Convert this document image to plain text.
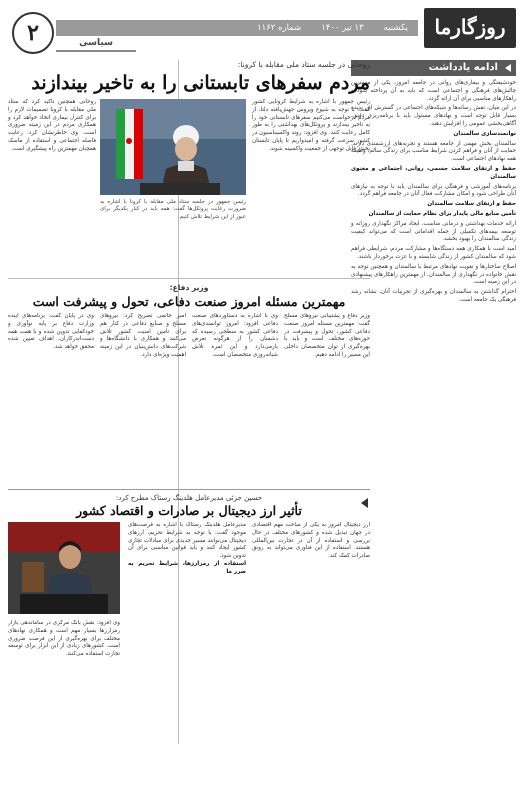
روزگارما
یکشنبه
۱۳ تیر ۱۴۰۰
شماره ۱۱۶۲
سیاسی
۲
ادامه یادداشت

خودشیفتگی و بیماری‌های روانی در جامعه امروز، یکی از مهمترین چالش‌های فرهنگی و اجتماعی است که باید به آن پرداخته شود و راهکارهای مناسبی برای آن ارائه گردد.

در این میان، نقش رسانه‌ها و شبکه‌های اجتماعی در گسترش این پدیده بسیار قابل توجه است و نهادهای مسئول باید با برنامه‌ریزی دقیق، آگاهی‌بخشی عمومی را افزایش دهند.

توانمندسازی سالمندان

سالمندان بخش مهمی از جامعه هستند و تجربه‌های ارزشمندی دارند. حمایت از آنان و فراهم کردن شرایط مناسب برای زندگی سالم، وظیفه همه نهادهای اجتماعی است.

حفظ و ارتقای سلامت جسمی، روانی، اجتماعی و معنوی سالمندان

برنامه‌های آموزشی و فرهنگی برای سالمندان باید با توجه به نیازهای آنان طراحی شود و امکان مشارکت فعال آنان در جامعه فراهم گردد.

حفظ و ارتقای سلامت سالمندان

تأمین منابع مالی پایدار برای نظام حمایت از سالمندان

ارائه خدمات بهداشتی و درمانی مناسب، ایجاد مراکز نگهداری روزانه و توسعه بیمه‌های تکمیلی از جمله اقداماتی است که می‌تواند کیفیت زندگی سالمندان را بهبود بخشد.

امید است با همکاری همه دستگاه‌ها و مشارکت مردم، شرایطی فراهم شود که سالمندان کشور از زندگی شایسته و با عزت برخوردار باشند.

اصلاح ساختارها و تقویت نهادهای مرتبط با سالمندان و همچنین توجه به نقش خانواده در نگهداری از سالمندان، از مهمترین راهکارهای پیشنهادی در این زمینه است.

احترام گذاشتن به سالمندان و بهره‌گیری از تجربیات آنان، نشانه رشد فرهنگی یک جامعه است.

روحانی در جلسه ستاد ملی مقابله با کرونا:
مردم سفرهای تابستانی را به تاخیر بیندازند
رئیس جمهور با اشاره به شرایط کرونایی کشور گفت: با توجه به شیوع ویروس جهش‌یافته دلتا، از مردم درخواست می‌کنیم سفرهای تابستانی خود را به تاخیر بیندازند و پروتکل‌های بهداشتی را به طور کامل رعایت کنند. وی افزود: روند واکسیناسیون در کشور سرعت گرفته و امیدواریم تا پایان تابستان بخش قابل توجهی از جمعیت واکسینه شوند.
رئیس جمهور در جلسه ستاد ملی مقابله با کرونا با اشاره به ضرورت رعایت پروتکل‌ها گفت: همه باید در کنار یکدیگر برای عبور از این شرایط تلاش کنیم.
روحانی همچنین تاکید کرد که ستاد ملی مقابله با کرونا تصمیمات لازم را برای کنترل بیماری اتخاذ خواهد کرد و همکاری مردم در این زمینه ضروری است. وی خاطرنشان کرد: رعایت فاصله اجتماعی و استفاده از ماسک همچنان مهمترین راه پیشگیری است.
وزیر دفاع:
مهمترین مسئله امروز صنعت دفاعی، تحول و پیشرفت است
وزیر دفاع و پشتیبانی نیروهای مسلح گفت: مهمترین مسئله امروز صنعت دفاعی کشور، تحول و پیشرفت در حوزه‌های مختلف است و باید با بهره‌گیری از توان متخصصان داخلی این مسیر را ادامه دهیم.
وی با اشاره به دستاوردهای صنعت دفاعی افزود: امروز توانمندی‌های دفاعی کشور به سطحی رسیده که دشمنان را از هرگونه تعرض بازمی‌دارد و این ثمره تلاش شبانه‌روزی متخصصان است.
امیر حاتمی تصریح کرد: نیروهای مسلح و صنایع دفاعی در کنار هم برای تامین امنیت کشور تلاش می‌کنند و همکاری با دانشگاه‌ها و شرکت‌های دانش‌بنیان در این زمینه اهمیت ویژه‌ای دارد.
وی در پایان گفت: برنامه‌های آینده وزارت دفاع بر پایه نوآوری و خودکفایی تدوین شده و با همت همه دست‌اندرکاران، اهداف تعیین شده محقق خواهد شد.
حسین جزئی مدیرعامل هلدینگ رستاک مطرح کرد:
تأثیر ارز دیجیتال بر صادرات و اقتصاد کشور
ارز دیجیتال امروز به یکی از مباحث مهم اقتصادی در جهان تبدیل شده و کشورهای مختلف در حال بررسی و استفاده از آن در تجارت بین‌المللی هستند. استفاده از این فناوری می‌تواند به رونق صادرات کمک کند.
مدیرعامل هلدینگ رستاک با اشاره به فرصت‌های موجود گفت: با توجه به شرایط تحریم، ارزهای دیجیتال می‌توانند مسیر جدیدی برای مبادلات تجاری کشور ایجاد کنند و باید قوانین مناسبی برای آن تدوین شود.
استفاده از رمزارزها، شرایط تحریم به ضرر ما
وی افزود: نقش بانک مرکزی در ساماندهی بازار رمزارزها بسیار مهم است و همکاری نهادهای مختلف برای بهره‌گیری از این فرصت ضروری است. کشورهای زیادی از این ابزار برای توسعه تجارت استفاده می‌کنند.
